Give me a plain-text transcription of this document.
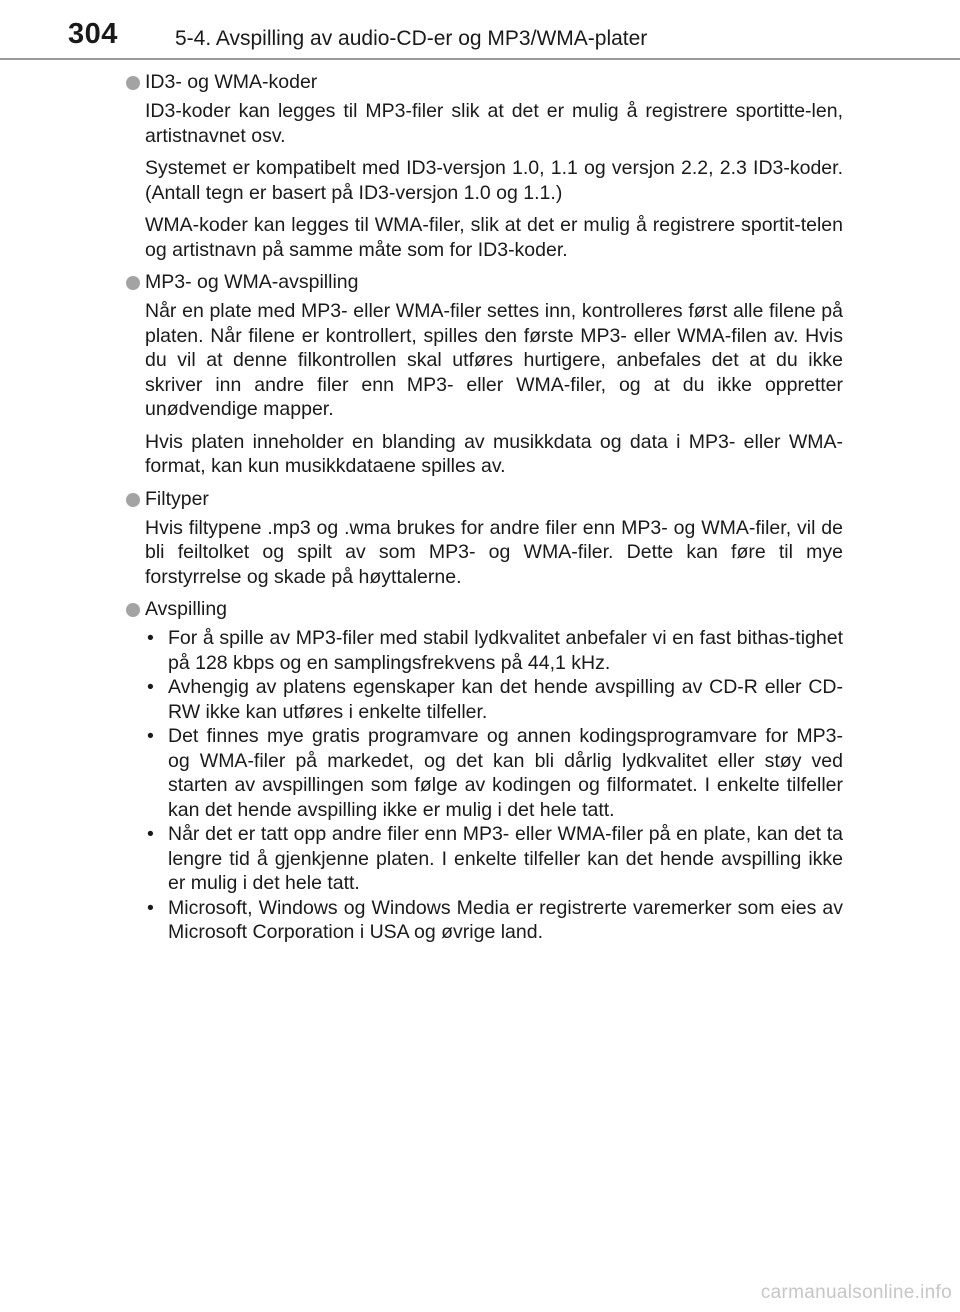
304	5-4. Avspilling av audio-CD-er og MP3/WMA-plater
ID3- og WMA-koder

ID3-koder kan legges til MP3-filer slik at det er mulig å registrere sportitte-len, artistnavnet osv.

Systemet er kompatibelt med ID3-versjon 1.0, 1.1 og versjon 2.2, 2.3 ID3-koder. (Antall tegn er basert på ID3-versjon 1.0 og 1.1.)

WMA-koder kan legges til WMA-filer, slik at det er mulig å registrere sportit-telen og artistnavn på samme måte som for ID3-koder.

MP3- og WMA-avspilling

Når en plate med MP3- eller WMA-filer settes inn, kontrolleres først alle filene på platen. Når filene er kontrollert, spilles den første MP3- eller WMA-filen av. Hvis du vil at denne filkontrollen skal utføres hurtigere, anbefales det at du ikke skriver inn andre filer enn MP3- eller WMA-filer, og at du ikke oppretter unødvendige mapper.

Hvis platen inneholder en blanding av musikkdata og data i MP3- eller WMA-format, kan kun musikkdataene spilles av.

Filtyper

Hvis filtypene .mp3 og .wma brukes for andre filer enn MP3- og WMA-filer, vil de bli feiltolket og spilt av som MP3- og WMA-filer. Dette kan føre til mye forstyrrelse og skade på høyttalerne.

Avspilling
• For å spille av MP3-filer med stabil lydkvalitet anbefaler vi en fast bithas-tighet på 128 kbps og en samplingsfrekvens på 44,1 kHz.
• Avhengig av platens egenskaper kan det hende avspilling av CD-R eller CD-RW ikke kan utføres i enkelte tilfeller.
• Det finnes mye gratis programvare og annen kodingsprogramvare for MP3- og WMA-filer på markedet, og det kan bli dårlig lydkvalitet eller støy ved starten av avspillingen som følge av kodingen og filformatet. I enkelte tilfeller kan det hende avspilling ikke er mulig i det hele tatt.
• Når det er tatt opp andre filer enn MP3- eller WMA-filer på en plate, kan det ta lengre tid å gjenkjenne platen. I enkelte tilfeller kan det hende avspilling ikke er mulig i det hele tatt.
• Microsoft, Windows og Windows Media er registrerte varemerker som eies av Microsoft Corporation i USA og øvrige land.
carmanualsonline.info
